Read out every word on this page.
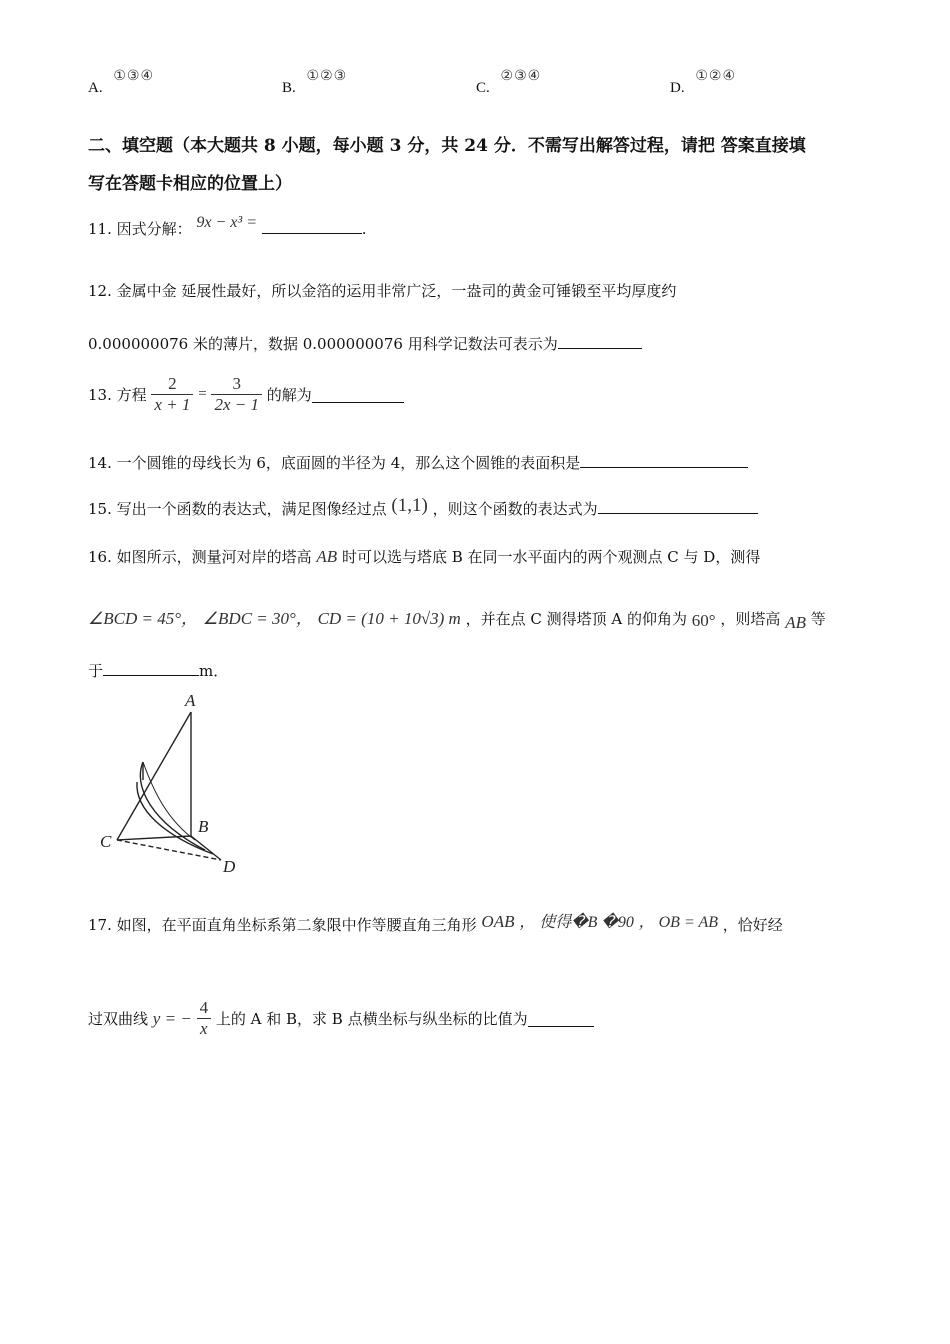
A. ①③④
B. ①②③
C. ②③④
D. ①②④
二、填空题（本大题共 8 小题，每小题 3 分，共 24 分．不需写出解答过程，请把 答案直接填
写在答题卡相应的位置上）
11. 因式分解： 9x − x³ =	.
12. 金属中金 延展性最好，所以金箔的运用非常广泛，一盎司的黄金可锤锻至平均厚度约
0.000000076 米的薄片，数据 0.000000076 用科学记数法可表示为
13. 方程 $\frac{2}{x + 1} = \frac{3}{2x - 1}$ 的解为
14. 一个圆锥的母线长为 6，底面圆的半径为 4，那么这个圆锥的表面积是
15. 写出一个函数的表达式，满足图像经过点 (1,1) ，则这个函数的表达式为
16. 如图所示，测量河对岸的塔高 AB 时可以选与塔底 B 在同一水平面内的两个观测点 C 与 D，测得
∠BCD = 45°， ∠BDC = 30°， CD = (10 + 10√3) m ，并在点 C 测得塔顶 A 的仰角为 60° ，则塔高 AB 等
于	m．
A
B
C
D
17. 如图，在平面直角坐标系第二象限中作等腰直角三角形 OAB ， 使得�B �90 ， OB = AB ，恰好经
过双曲线 y = − $\frac{4}{x}$ 上的 A 和 B，求 B 点横坐标与纵坐标的比值为
